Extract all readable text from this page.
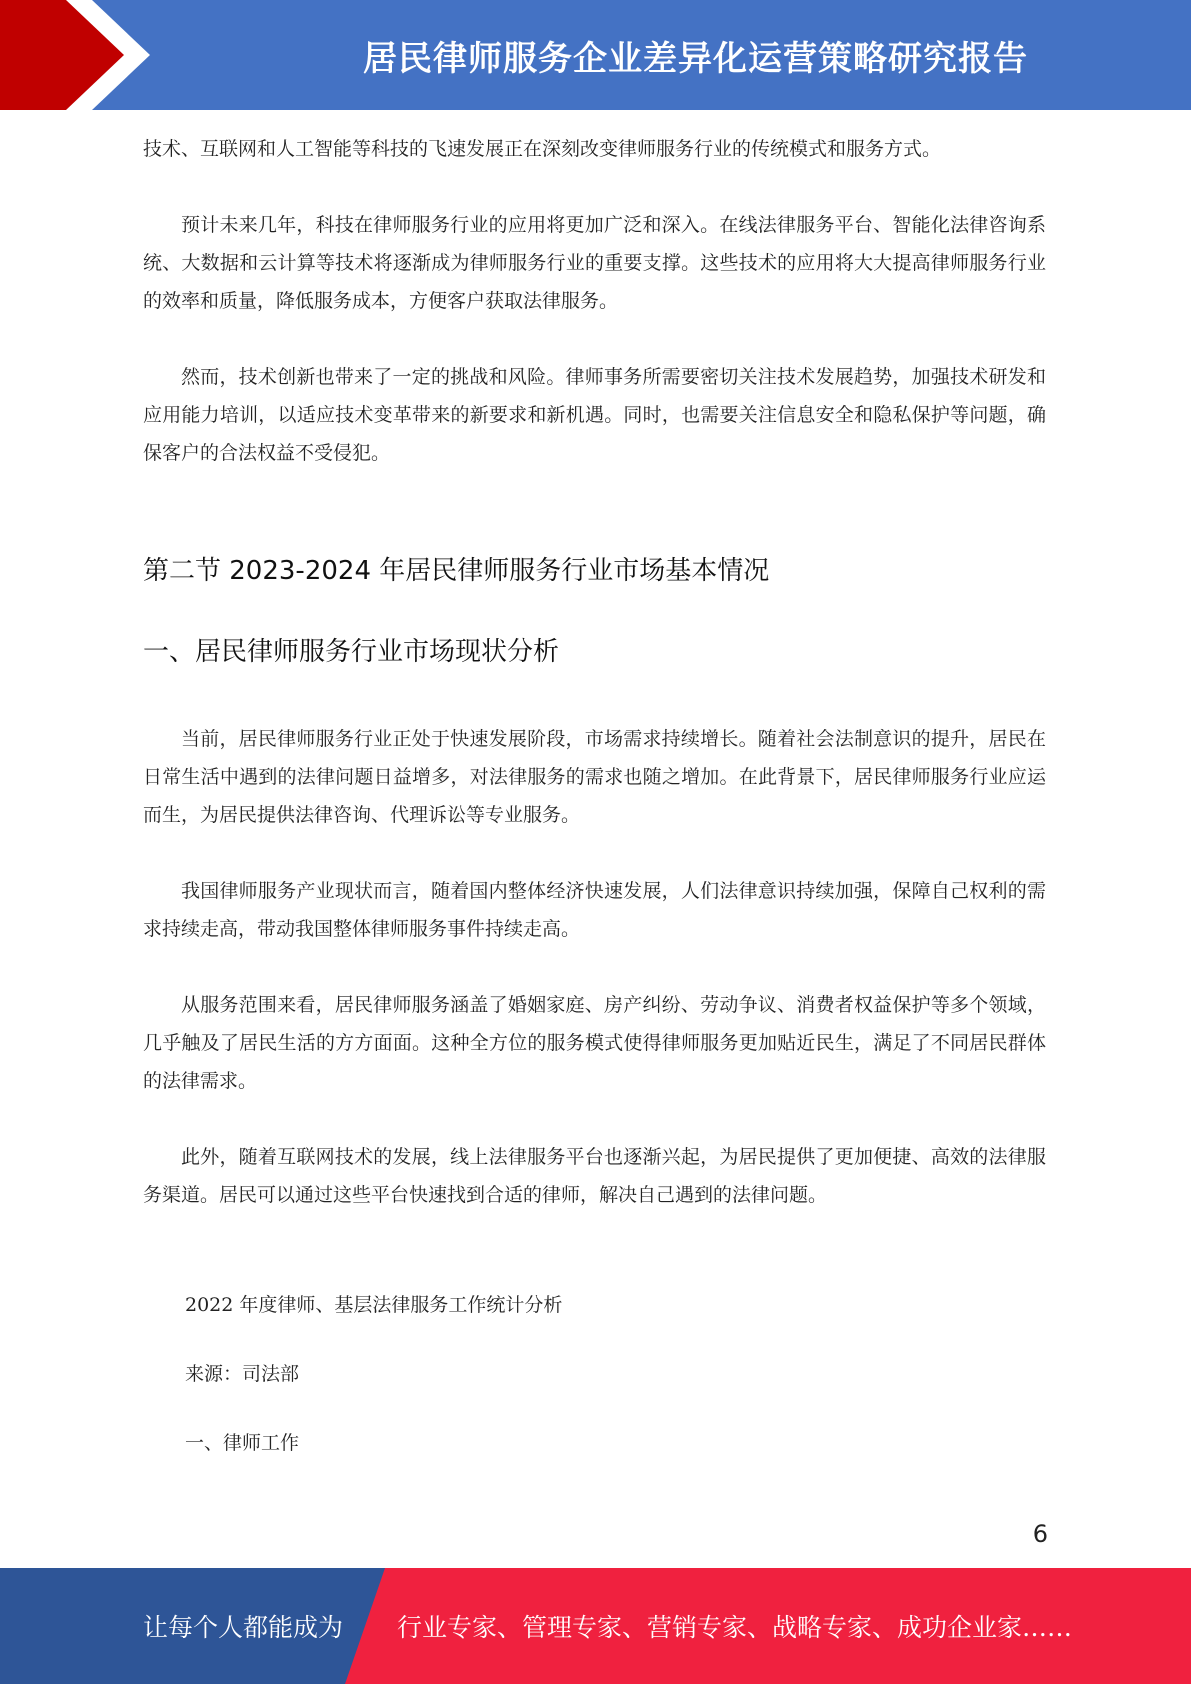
居民律师服务企业差异化运营策略研究报告

技术、互联网和人工智能等科技的飞速发展正在深刻改变律师服务行业的传统模式和服务方式。

预计未来几年，科技在律师服务行业的应用将更加广泛和深入。在线法律服务平台、智能化法律咨询系统、大数据和云计算等技术将逐渐成为律师服务行业的重要支撑。这些技术的应用将大大提高律师服务行业的效率和质量，降低服务成本，方便客户获取法律服务。

然而，技术创新也带来了一定的挑战和风险。律师事务所需要密切关注技术发展趋势，加强技术研发和应用能力培训，以适应技术变革带来的新要求和新机遇。同时，也需要关注信息安全和隐私保护等问题，确保客户的合法权益不受侵犯。

第二节 2023-2024 年居民律师服务行业市场基本情况
一、居民律师服务行业市场现状分析

当前，居民律师服务行业正处于快速发展阶段，市场需求持续增长。随着社会法制意识的提升，居民在日常生活中遇到的法律问题日益增多，对法律服务的需求也随之增加。在此背景下，居民律师服务行业应运而生，为居民提供法律咨询、代理诉讼等专业服务。

我国律师服务产业现状而言，随着国内整体经济快速发展，人们法律意识持续加强，保障自己权利的需求持续走高，带动我国整体律师服务事件持续走高。

从服务范围来看，居民律师服务涵盖了婚姻家庭、房产纠纷、劳动争议、消费者权益保护等多个领域，几乎触及了居民生活的方方面面。这种全方位的服务模式使得律师服务更加贴近民生，满足了不同居民群体的法律需求。

此外，随着互联网技术的发展，线上法律服务平台也逐渐兴起，为居民提供了更加便捷、高效的法律服务渠道。居民可以通过这些平台快速找到合适的律师，解决自己遇到的法律问题。

2022 年度律师、基层法律服务工作统计分析

来源：司法部

一、律师工作

6
让每个人都能成为 行业专家、管理专家、营销专家、战略专家、成功企业家……
